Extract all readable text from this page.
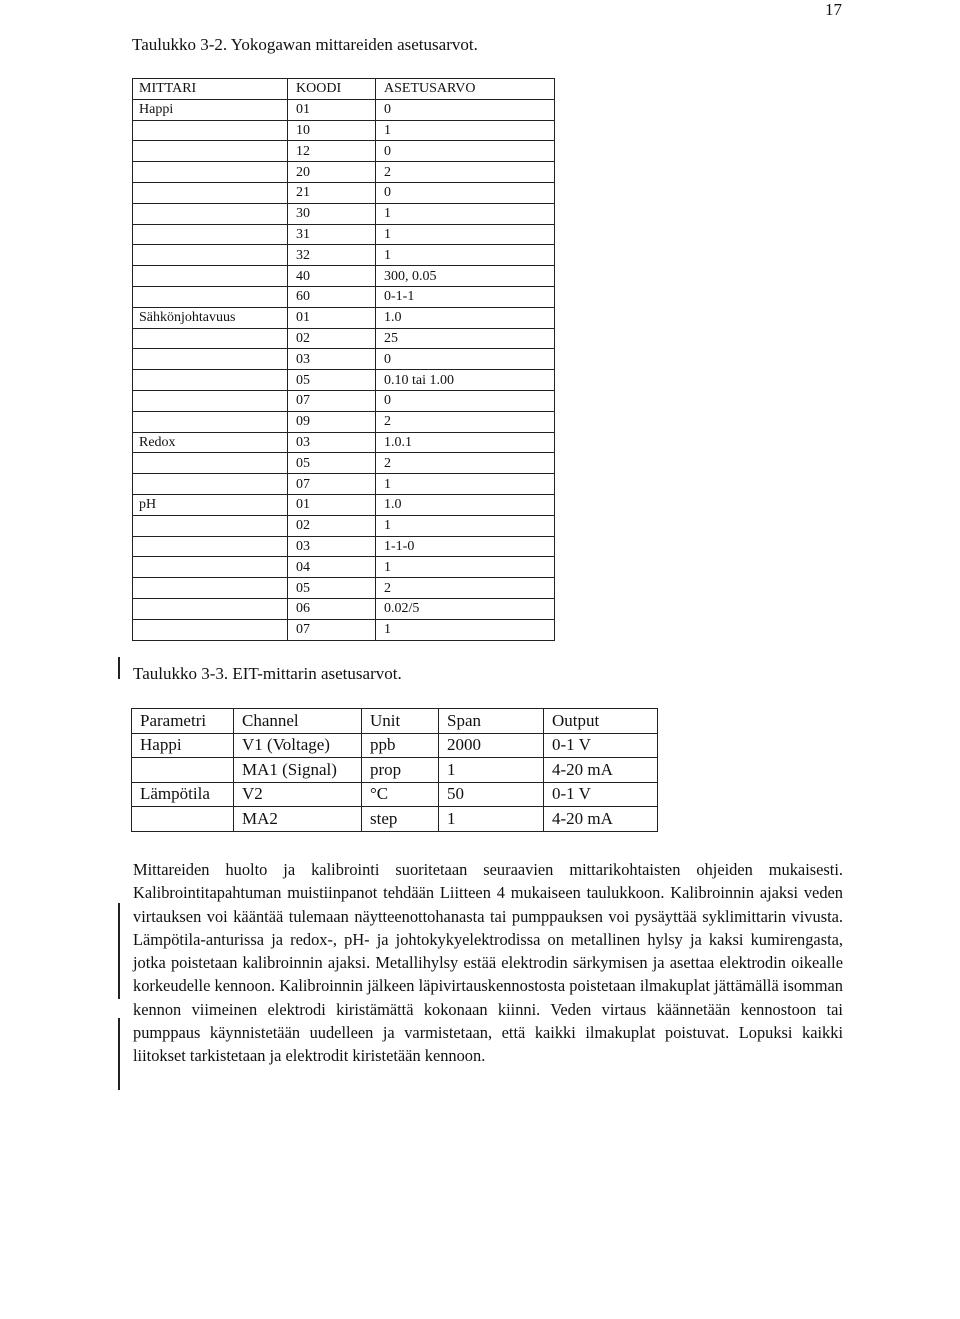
17
Taulukko 3-2. Yokogawan mittareiden asetusarvot.
MITTARI	KOODI	ASETUSARVO
Happi	01	0
	10	1
	12	0
	20	2
	21	0
	30	1
	31	1
	32	1
	40	300, 0.05
	60	0-1-1
Sähkönjohtavuus	01	1.0
	02	25
	03	0
	05	0.10 tai 1.00
	07	0
	09	2
Redox	03	1.0.1
	05	2
	07	1
pH	01	1.0
	02	1
	03	1-1-0
	04	1
	05	2
	06	0.02/5
	07	1
Taulukko 3-3. EIT-mittarin asetusarvot.
Parametri	Channel	Unit	Span	Output
Happi	V1 (Voltage)	ppb	2000	0-1 V
	MA1 (Signal)	prop	1	4-20 mA
Lämpötila	V2	°C	50	0-1 V
	MA2	step	1	4-20 mA
Mittareiden huolto ja kalibrointi suoritetaan seuraavien mittarikohtaisten ohjeiden mukaisesti. Kalibrointitapahtuman muistiinpanot tehdään Liitteen 4 mukaiseen taulukkoon. Kalibroinnin ajaksi veden virtauksen voi kääntää tulemaan näytteenottohanasta tai pumppauksen voi pysäyttää syklimittarin vivusta. Lämpötila-anturissa ja redox-, pH- ja johtokykyelektrodissa on metallinen hylsy ja kaksi kumirengasta, jotka poistetaan kalibroinnin ajaksi. Metallihylsy estää elektrodin särkymisen ja asettaa elektrodin oikealle korkeudelle kennoon. Kalibroinnin jälkeen läpivirtauskennostosta poistetaan ilmakuplat jättämällä isomman kennon viimeinen elektrodi kiristämättä kokonaan kiinni. Veden virtaus käännetään kennostoon tai pumppaus käynnistetään uudelleen ja varmistetaan, että kaikki ilmakuplat poistuvat. Lopuksi kaikki liitokset tarkistetaan ja elektrodit kiristetään kennoon.
